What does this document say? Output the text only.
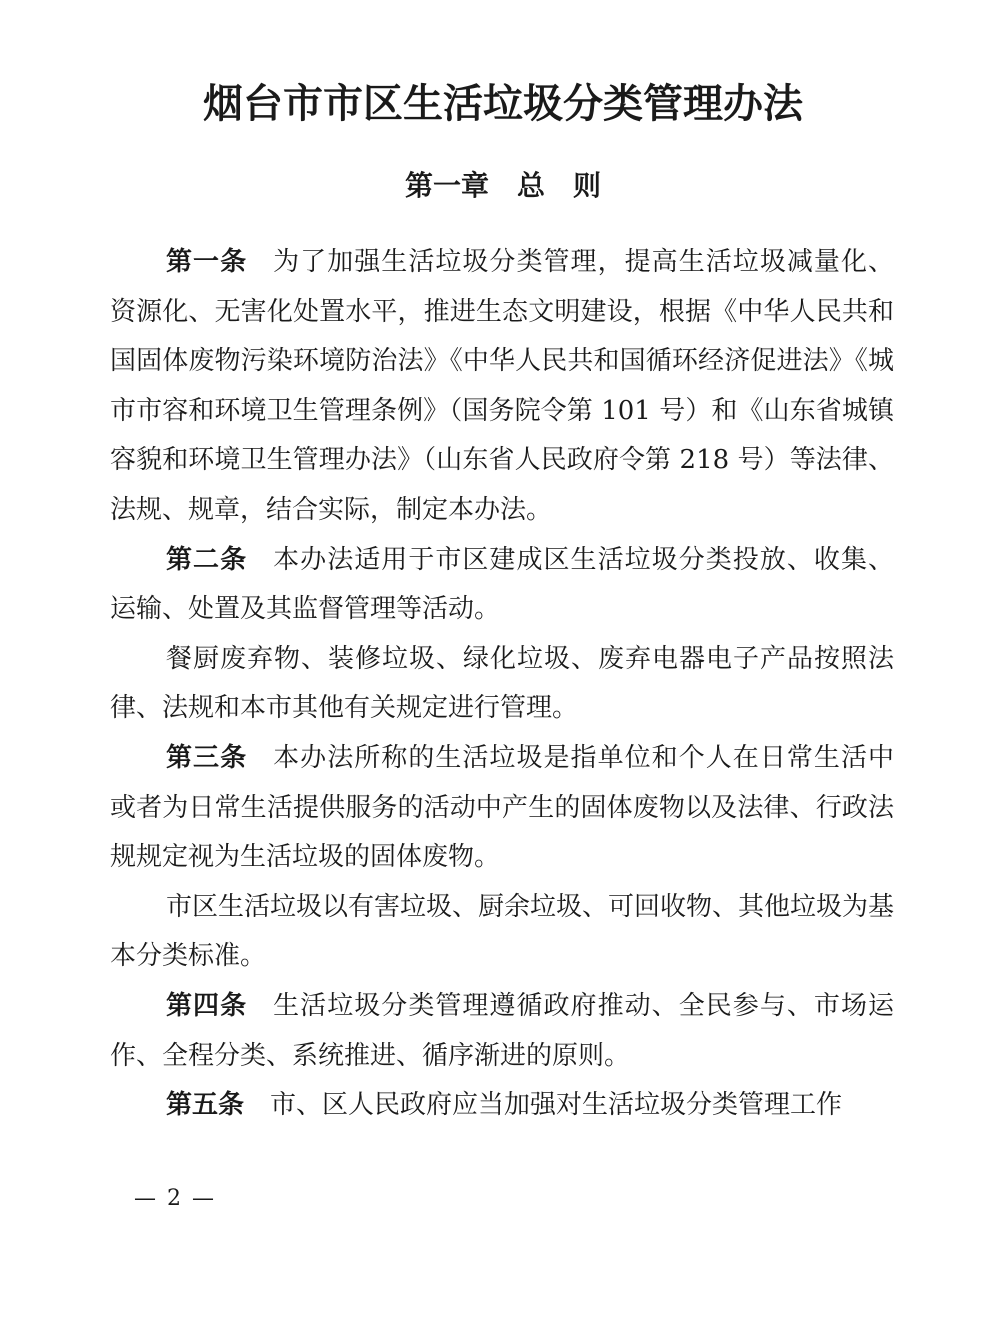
烟台市市区生活垃圾分类管理办法
第一章　总　则

第一条 为了加强生活垃圾分类管理，提高生活垃圾减量化、资源化、无害化处置水平，推进生态文明建设，根据《中华人民共和国固体废物污染环境防治法》《中华人民共和国循环经济促进法》《城市市容和环境卫生管理条例》（国务院令第 101 号）和《山东省城镇容貌和环境卫生管理办法》（山东省人民政府令第 218 号）等法律、法规、规章，结合实际，制定本办法。

第二条 本办法适用于市区建成区生活垃圾分类投放、收集、运输、处置及其监督管理等活动。

餐厨废弃物、装修垃圾、绿化垃圾、废弃电器电子产品按照法律、法规和本市其他有关规定进行管理。

第三条 本办法所称的生活垃圾是指单位和个人在日常生活中或者为日常生活提供服务的活动中产生的固体废物以及法律、行政法规规定视为生活垃圾的固体废物。

市区生活垃圾以有害垃圾、厨余垃圾、可回收物、其他垃圾为基本分类标准。

第四条 生活垃圾分类管理遵循政府推动、全民参与、市场运作、全程分类、系统推进、循序渐进的原则。

第五条 市、区人民政府应当加强对生活垃圾分类管理工作

— 2 —
